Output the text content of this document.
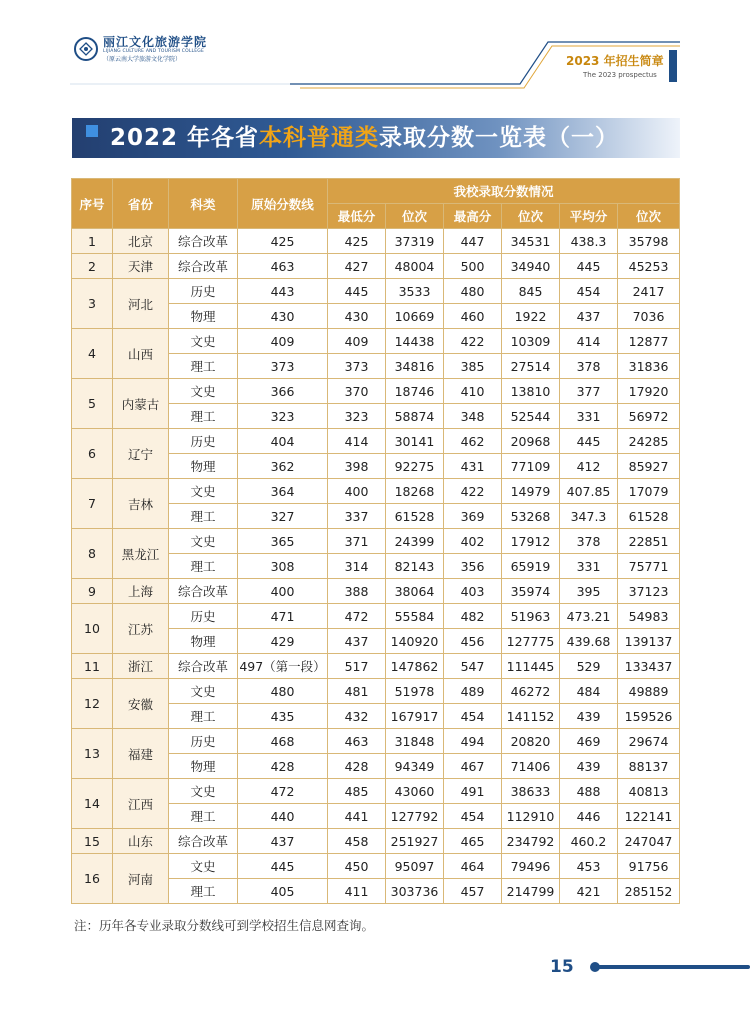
丽江文化旅游学院
LIJIANG CULTURE AND TOURISM COLLEGE
（原云南大学旅游文化学院）	2023 年招生简章
The 2023 prospectus
2022 年各省本科普通类录取分数一览表（一）
序号	省份	科类	原始分数线	我校录取分数情况					
				最低分	位次	最高分	位次	平均分	位次
1	北京	综合改革	425	425	37319	447	34531	438.3	35798
2	天津	综合改革	463	427	48004	500	34940	445	45253
3	河北	历史	443	445	3533	480	845	454	2417
		物理	430	430	10669	460	1922	437	7036
4	山西	文史	409	409	14438	422	10309	414	12877
		理工	373	373	34816	385	27514	378	31836
5	内蒙古	文史	366	370	18746	410	13810	377	17920
		理工	323	323	58874	348	52544	331	56972
6	辽宁	历史	404	414	30141	462	20968	445	24285
		物理	362	398	92275	431	77109	412	85927
7	吉林	文史	364	400	18268	422	14979	407.85	17079
		理工	327	337	61528	369	53268	347.3	61528
8	黑龙江	文史	365	371	24399	402	17912	378	22851
		理工	308	314	82143	356	65919	331	75771
9	上海	综合改革	400	388	38064	403	35974	395	37123
10	江苏	历史	471	472	55584	482	51963	473.21	54983
		物理	429	437	140920	456	127775	439.68	139137
11	浙江	综合改革	497（第一段）	517	147862	547	111445	529	133437
12	安徽	文史	480	481	51978	489	46272	484	49889
		理工	435	432	167917	454	141152	439	159526
13	福建	历史	468	463	31848	494	20820	469	29674
		物理	428	428	94349	467	71406	439	88137
14	江西	文史	472	485	43060	491	38633	488	40813
		理工	440	441	127792	454	112910	446	122141
15	山东	综合改革	437	458	251927	465	234792	460.2	247047
16	河南	文史	445	450	95097	464	79496	453	91756
		理工	405	411	303736	457	214799	421	285152
注：历年各专业录取分数线可到学校招生信息网查询。
15
